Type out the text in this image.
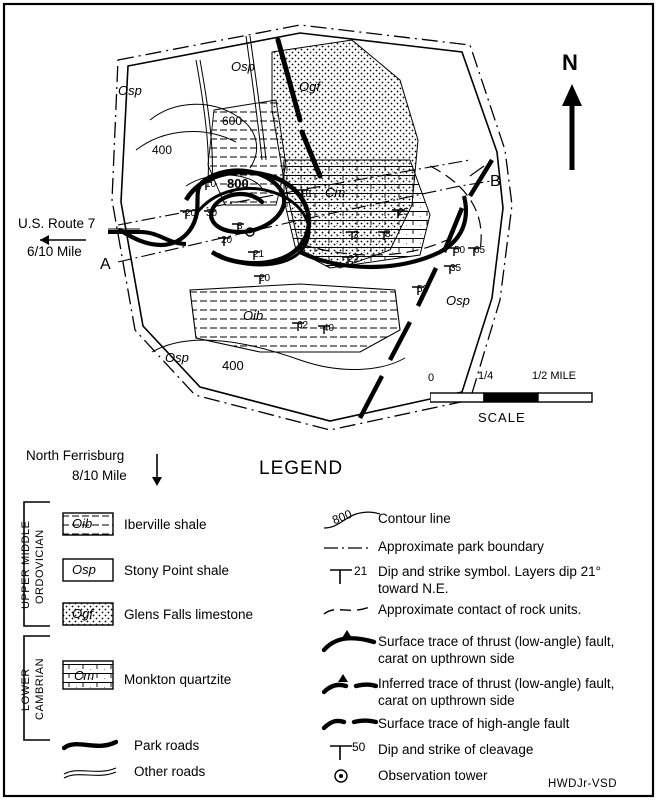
Osp
Osp
Ogf
Cm
Oib
Osp
Osp
600
400
800
400
10
18
20 30
8
25
20	3	8
21	22
50 65
35
20
52
62 40
A
B
U.S. Route 7
6/10 Mile
North Ferrisburg
8/10 Mile
N
0	1/4	1/2 MILE
SCALE
LEGEND
UPPER MIDDLE ORDOVICIAN
LOWER CAMBRIAN
Oib Iberville shale
Osp Stony Point shale
Ogf Glens Falls limestone
Cm Monkton quartzite
Park roads
Other roads
800 Contour line
Approximate park boundary
21 Dip and strike symbol. Layers dip 21° toward N.E.
Approximate contact of rock units.
Surface trace of thrust (low-angle) fault, carat on upthrown side
Inferred trace of thrust (low-angle) fault, carat on upthrown side
Surface trace of high-angle fault
50 Dip and strike of cleavage
Observation tower
HWDJr-VSD
